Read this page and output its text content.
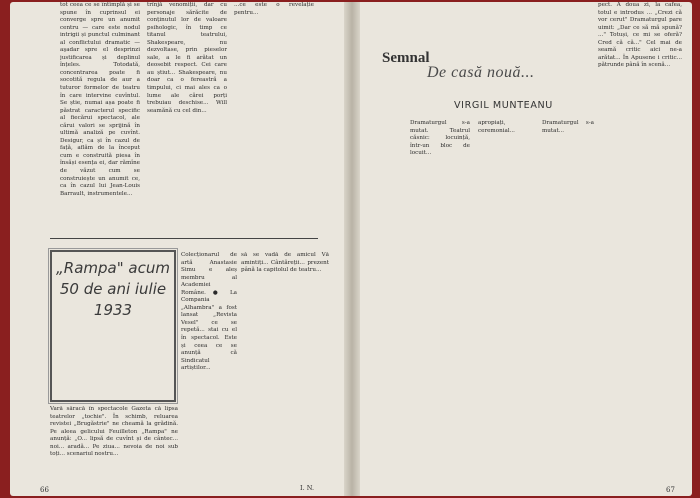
tot ceea ce se întîmplă și se spune în cuprinsul ei converge spre un anumit centru — care este nodul intrigii și punctul culminant al conflictului dramatic — aşadar spre el desprinzi justificarea și deplinul înțeles. Totodată, concentrarea poate fi socotită regula de aur a tuturor formelor de teatru în care intervine cuvîntul. Se știe, numai așa poate fi păstrat caracterul specific al fiecărui spectacol, ale cărui valori se sprijină în ultimă analiză pe cuvînt. Desigur, ca și în cazul de față, aflăm de la început cum e construită piesa în însăși esența ei, dar rămîne de văzut cum se construiește un anumit ce, ca în cazul lui Jean-Louis Barrault, instrumentele...
trînjă venomiții, dar cu personaje sărăcite de conținutul lor de valoare psihologic, în timp ce titanul teatrului, Shakespeare, nu dezvoltase, prin pieselor sale, a le fi arătat un deosebit respect. Cei care au știut... Shakespeare, nu doar ca o fereastră a timpului, ci mai ales ca o lume ale cărei porți trebuiau deschise... Will seamănă cu cel din...
...ce este o revelație pentru...
„Rampa" acum 50 de ani iulie 1933
Vară săracă în spectacole Gazeta că lipsa teatrelor „tochie". În schimb, reluarea revistei „Brugăstrie" ne cheamă la grădină. Pe aleea gelicului Feuilleton „Rampa" ne anunță: „O... lipsă de cuvînt și de cântec... noi... aradă... Pe ziua... nevoia de noi sub toți... scenariul nostru...
Colecționarul de artă Anastasie Simu e aleș membru al Academiei Române. ● La Compania „Alhambra" a fost lansat „Revista Vesel" ce se repetă... stai cu el în spectacol. Este și ceea ce se anunță că Sindicatul artiștilor...
să se vadă de amicul Vă amintiți... Cântăreții... prezent până la capitolul de teatru...
I. N.
66
pect. A doua zi, la cafea, totul e introdus ... „Crezi că vor cerut" Dramaturgul pare uimit: „Dar ce să mă spună? ..." Totuși, ce mi se oferă? Cred că că..." Cel mai de seamă critic aici ne-a arătat... În Apusene i critic... pătrunde până în scenă...
Dramaturgul s-a mutat. Teatrul căsnic: locuință, într-un bloc de locuit...
apropiați, ceremonial...
Dramaturgul s-a mutat...
67
Semnal
De casă nouă...
VIRGIL MUNTEANU
